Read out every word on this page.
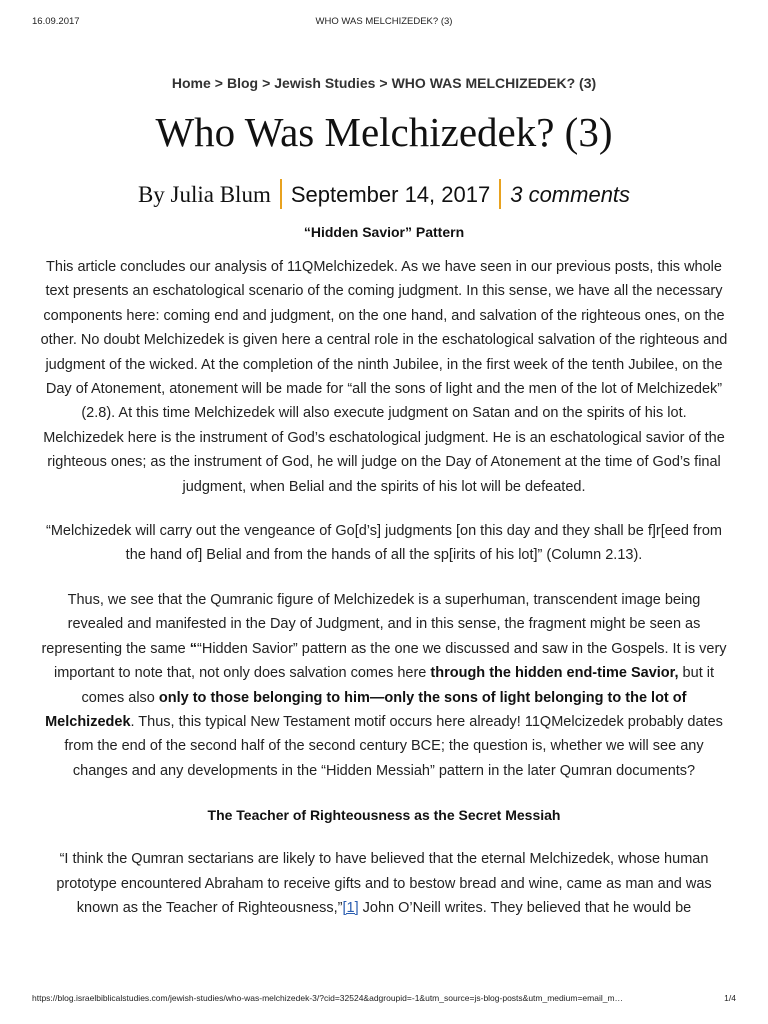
16.09.2017	WHO WAS MELCHIZEDEK? (3)
Home > Blog > Jewish Studies > WHO WAS MELCHIZEDEK? (3)
Who Was Melchizedek? (3)
By Julia Blum September 14, 2017 3 comments
“Hidden Savior” Pattern

This article concludes our analysis of 11QMelchizedek. As we have seen in our previous posts, this whole text presents an eschatological scenario of the coming judgment. In this sense, we have all the necessary components here: coming end and judgment, on the one hand, and salvation of the righteous ones, on the other. No doubt Melchizedek is given here a central role in the eschatological salvation of the righteous and judgment of the wicked. At the completion of the ninth Jubilee, in the first week of the tenth Jubilee, on the Day of Atonement, atonement will be made for “all the sons of light and the men of the lot of Melchizedek” (2.8). At this time Melchizedek will also execute judgment on Satan and on the spirits of his lot. Melchizedek here is the instrument of God’s eschatological judgment. He is an eschatological savior of the righteous ones; as the instrument of God, he will judge on the Day of Atonement at the time of God’s final judgment, when Belial and the spirits of his lot will be defeated.

“Melchizedek will carry out the vengeance of Go[d’s] judgments [on this day and they shall be f]r[eed from the hand of] Belial and from the hands of all the sp[irits of his lot]” (Column 2.13).

Thus, we see that the Qumranic figure of Melchizedek is a superhuman, transcendent image being revealed and manifested in the Day of Judgment, and in this sense, the fragment might be seen as representing the same ““Hidden Savior” pattern as the one we discussed and saw in the Gospels. It is very important to note that, not only does salvation comes here through the hidden end-time Savior, but it comes also only to those belonging to him—only the sons of light belonging to the lot of Melchizedek. Thus, this typical New Testament motif occurs here already! 11QMelcizedek probably dates from the end of the second half of the second century BCE; the question is, whether we will see any changes and any developments in the “Hidden Messiah” pattern in the later Qumran documents?

The Teacher of Righteousness as the Secret Messiah

“I think the Qumran sectarians are likely to have believed that the eternal Melchizedek, whose human prototype encountered Abraham to receive gifts and to bestow bread and wine, came as man and was known as the Teacher of Righteousness,”[1] John O’Neill writes. They believed that he would be

https://blog.israelbiblicalstudies.com/jewish-studies/who-was-melchizedek-3/?cid=32524&adgroupid=-1&utm_source=js-blog-posts&utm_medium=email_m…	1/4
